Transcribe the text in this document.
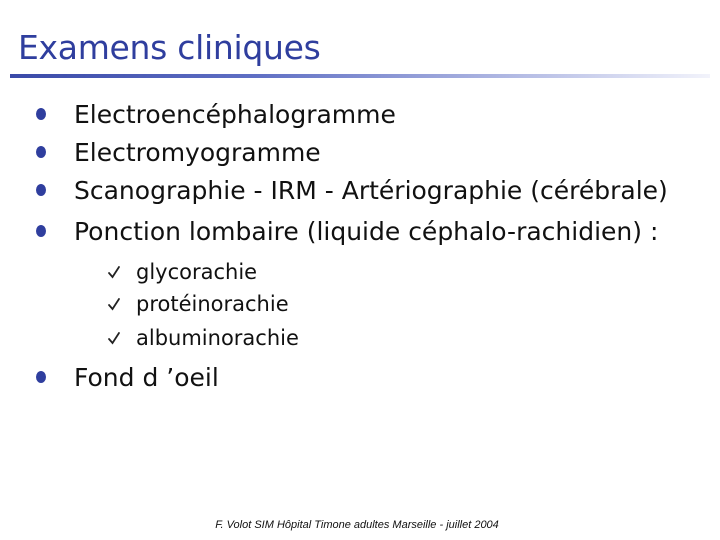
Examens cliniques
Electroencéphalogramme
Electromyogramme
Scanographie - IRM - Artériographie (cérébrale)
Ponction lombaire (liquide céphalo-rachidien) :
glycorachie
protéinorachie
albuminorachie
Fond d ’oeil
F. Volot SIM Hôpital Timone adultes Marseille - juillet 2004
